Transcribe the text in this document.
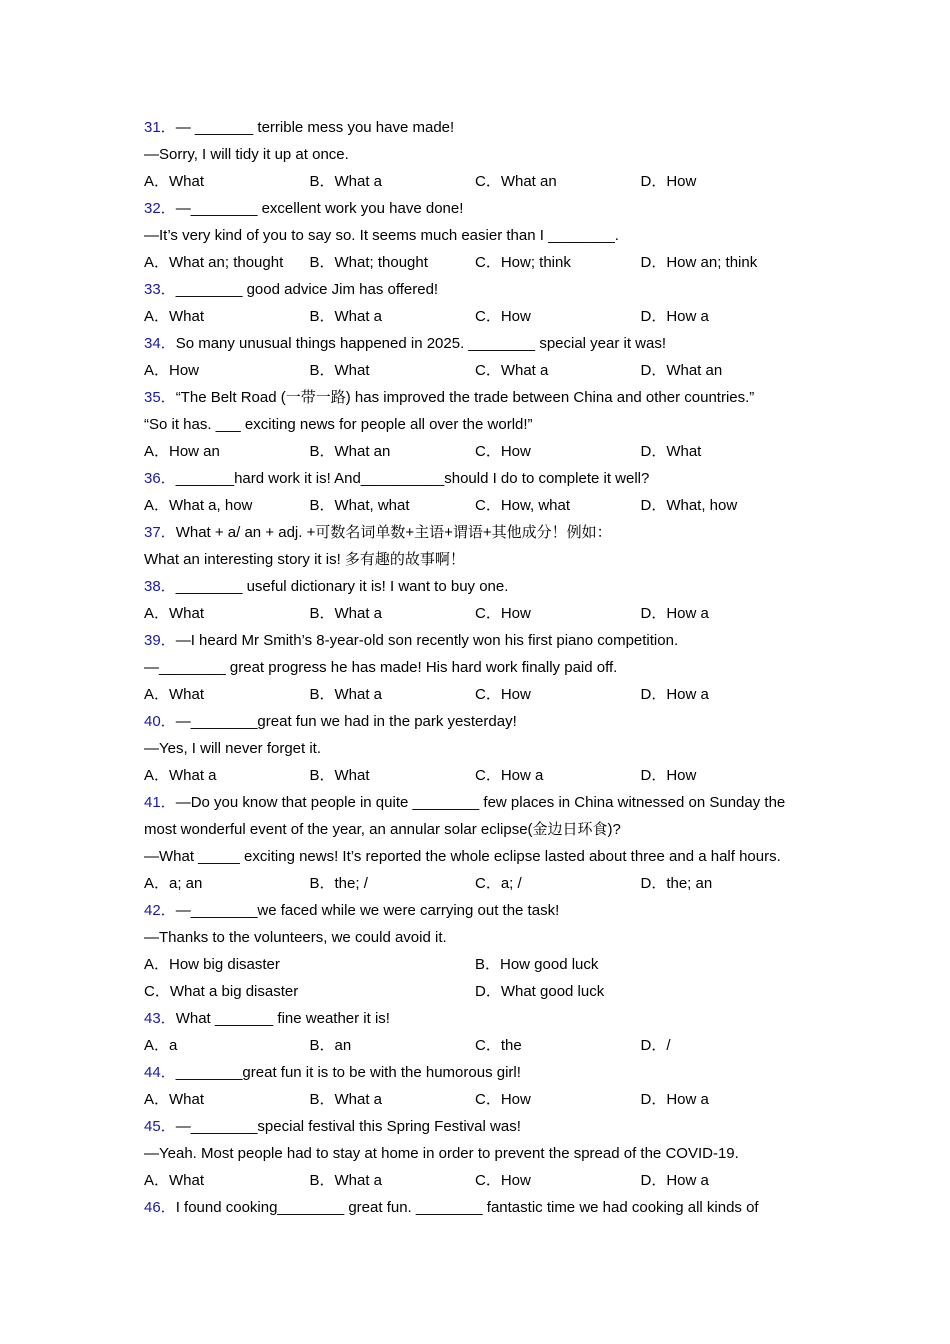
31．— _______ terrible mess you have made!
—Sorry, I will tidy it up at once.
A．What	B．What a	C．What an	D．How
32．—________ excellent work you have done!
—It’s very kind of you to say so. It seems much easier than I ________.
A．What an; thought	B．What; thought	C．How; think	D．How an; think
33．________ good advice Jim has offered!
A．What	B．What a	C．How	D．How a
34．So many unusual things happened in 2025. ________ special year it was!
A．How	B．What	C．What a	D．What an
35．“The Belt Road (一带一路) has improved the trade between China and other countries.”
“So it has. ___ exciting news for people all over the world!”
A．How an	B．What an	C．How	D．What
36．_______hard work it is! And__________should I do to complete it well?
A．What a, how	B．What, what	C．How, what	D．What, how
37．What + a/ an + adj. +可数名词单数+主语+谓语+其他成分！例如：
What an interesting story it is! 多有趣的故事啊！
38．________ useful dictionary it is! I want to buy one.
A．What	B．What a	C．How	D．How a
39．—I heard Mr Smith’s 8-year-old son recently won his first piano competition.
—________ great progress he has made! His hard work finally paid off.
A．What	B．What a	C．How	D．How a
40．—________great fun we had in the park yesterday!
—Yes, I will never forget it.
A．What a	B．What	C．How a	D．How
41．—Do you know that people in quite ________ few places in China witnessed on Sunday the
most wonderful event of the year, an annular solar eclipse(金边日环食)?
—What _____ exciting news! It’s reported the whole eclipse lasted about three and a half hours.
A．a; an	B．the; /	C．a; /	D．the; an
42．—________we faced while we were carrying out the task!
—Thanks to the volunteers, we could avoid it.
A．How big disaster	B．How good luck
C．What a big disaster	D．What good luck
43．What _______ fine weather it is!
A．a	B．an	C．the	D．/
44．________great fun it is to be with the humorous girl!
A．What	B．What a	C．How	D．How a
45．—________special festival this Spring Festival was!
—Yeah. Most people had to stay at home in order to prevent the spread of the COVID-19.
A．What	B．What a	C．How	D．How a
46．I found cooking________ great fun. ________ fantastic time we had cooking all kinds of
